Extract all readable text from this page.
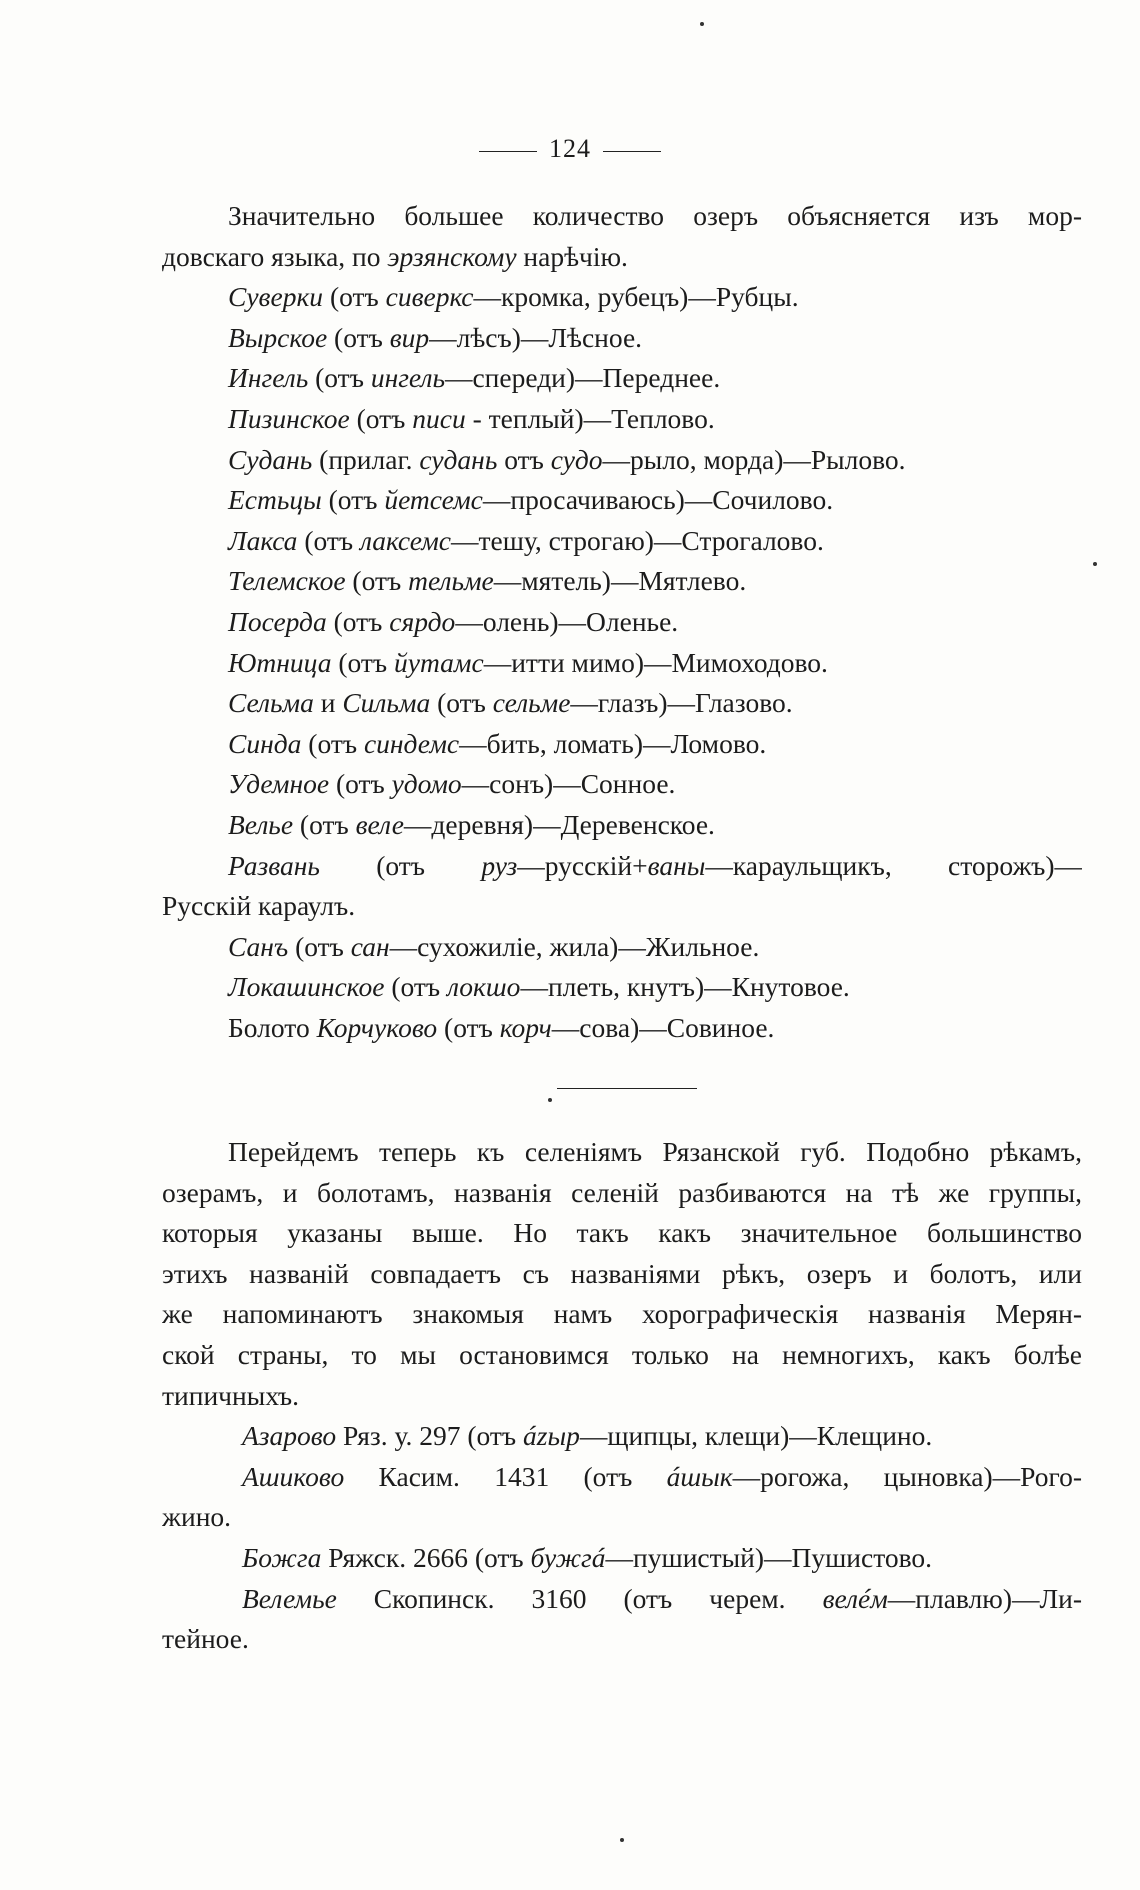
124
Значительно большее количество озеръ объясняется изъ мор-
довскаго языка, по эрзянскому нарѣчію.
Суверки (отъ сиверкс—кромка, рубецъ)—Рубцы.
Вырское (отъ вир—лѣсъ)—Лѣсное.
Ингель (отъ ингель—спереди)—Переднее.
Пизинское (отъ писи - теплый)—Теплово.
Судань (прилаг. судань отъ судо—рыло, морда)—Рылово.
Естьцы (отъ йетсемс—просачиваюсь)—Сочилово.
Лакса (отъ лаксемс—тешу, строгаю)—Строгалово.
Телемское (отъ тельме—мятель)—Мятлево.
Посерда (отъ сярдо—олень)—Оленье.
Ютница (отъ йутамс—итти мимо)—Мимоходово.
Сельма и Сильма (отъ сельме—глазъ)—Глазово.
Синда (отъ синдемс—бить, ломать)—Ломово.
Удемное (отъ удомо—сонъ)—Сонное.
Велье (отъ веле—деревня)—Деревенское.
Развань (отъ руз—русскій+ваны—караульщикъ, сторожъ)—
Русскій караулъ.
Санъ (отъ сан—сухожиліе, жила)—Жильное.
Локашинское (отъ локшо—плеть, кнутъ)—Кнутовое.
Болото Корчуково (отъ корч—сова)—Совиное.
Перейдемъ теперь къ селеніямъ Рязанской губ. Подобно рѣкамъ,
озерамъ, и болотамъ, названія селеній разбиваются на тѣ же группы,
которыя указаны выше. Но такъ какъ значительное большинство
этихъ названій совпадаетъ съ названіями рѣкъ, озеръ и болотъ, или
же напоминаютъ знакомыя намъ хорографическія названія Мерян-
ской страны, то мы остановимся только на немногихъ, какъ болѣе
типичныхъ.
Азарово Ряз. у. 297 (отъ ázыр—щипцы, клещи)—Клещино.
Ашиково Касим. 1431 (отъ áшык—рогожа, цыновка)—Рого-
жино.
Божга Ряжск. 2666 (отъ бужгá—пушистый)—Пушистово.
Велемье Скопинск. 3160 (отъ черем. велéм—плавлю)—Ли-
тейное.
